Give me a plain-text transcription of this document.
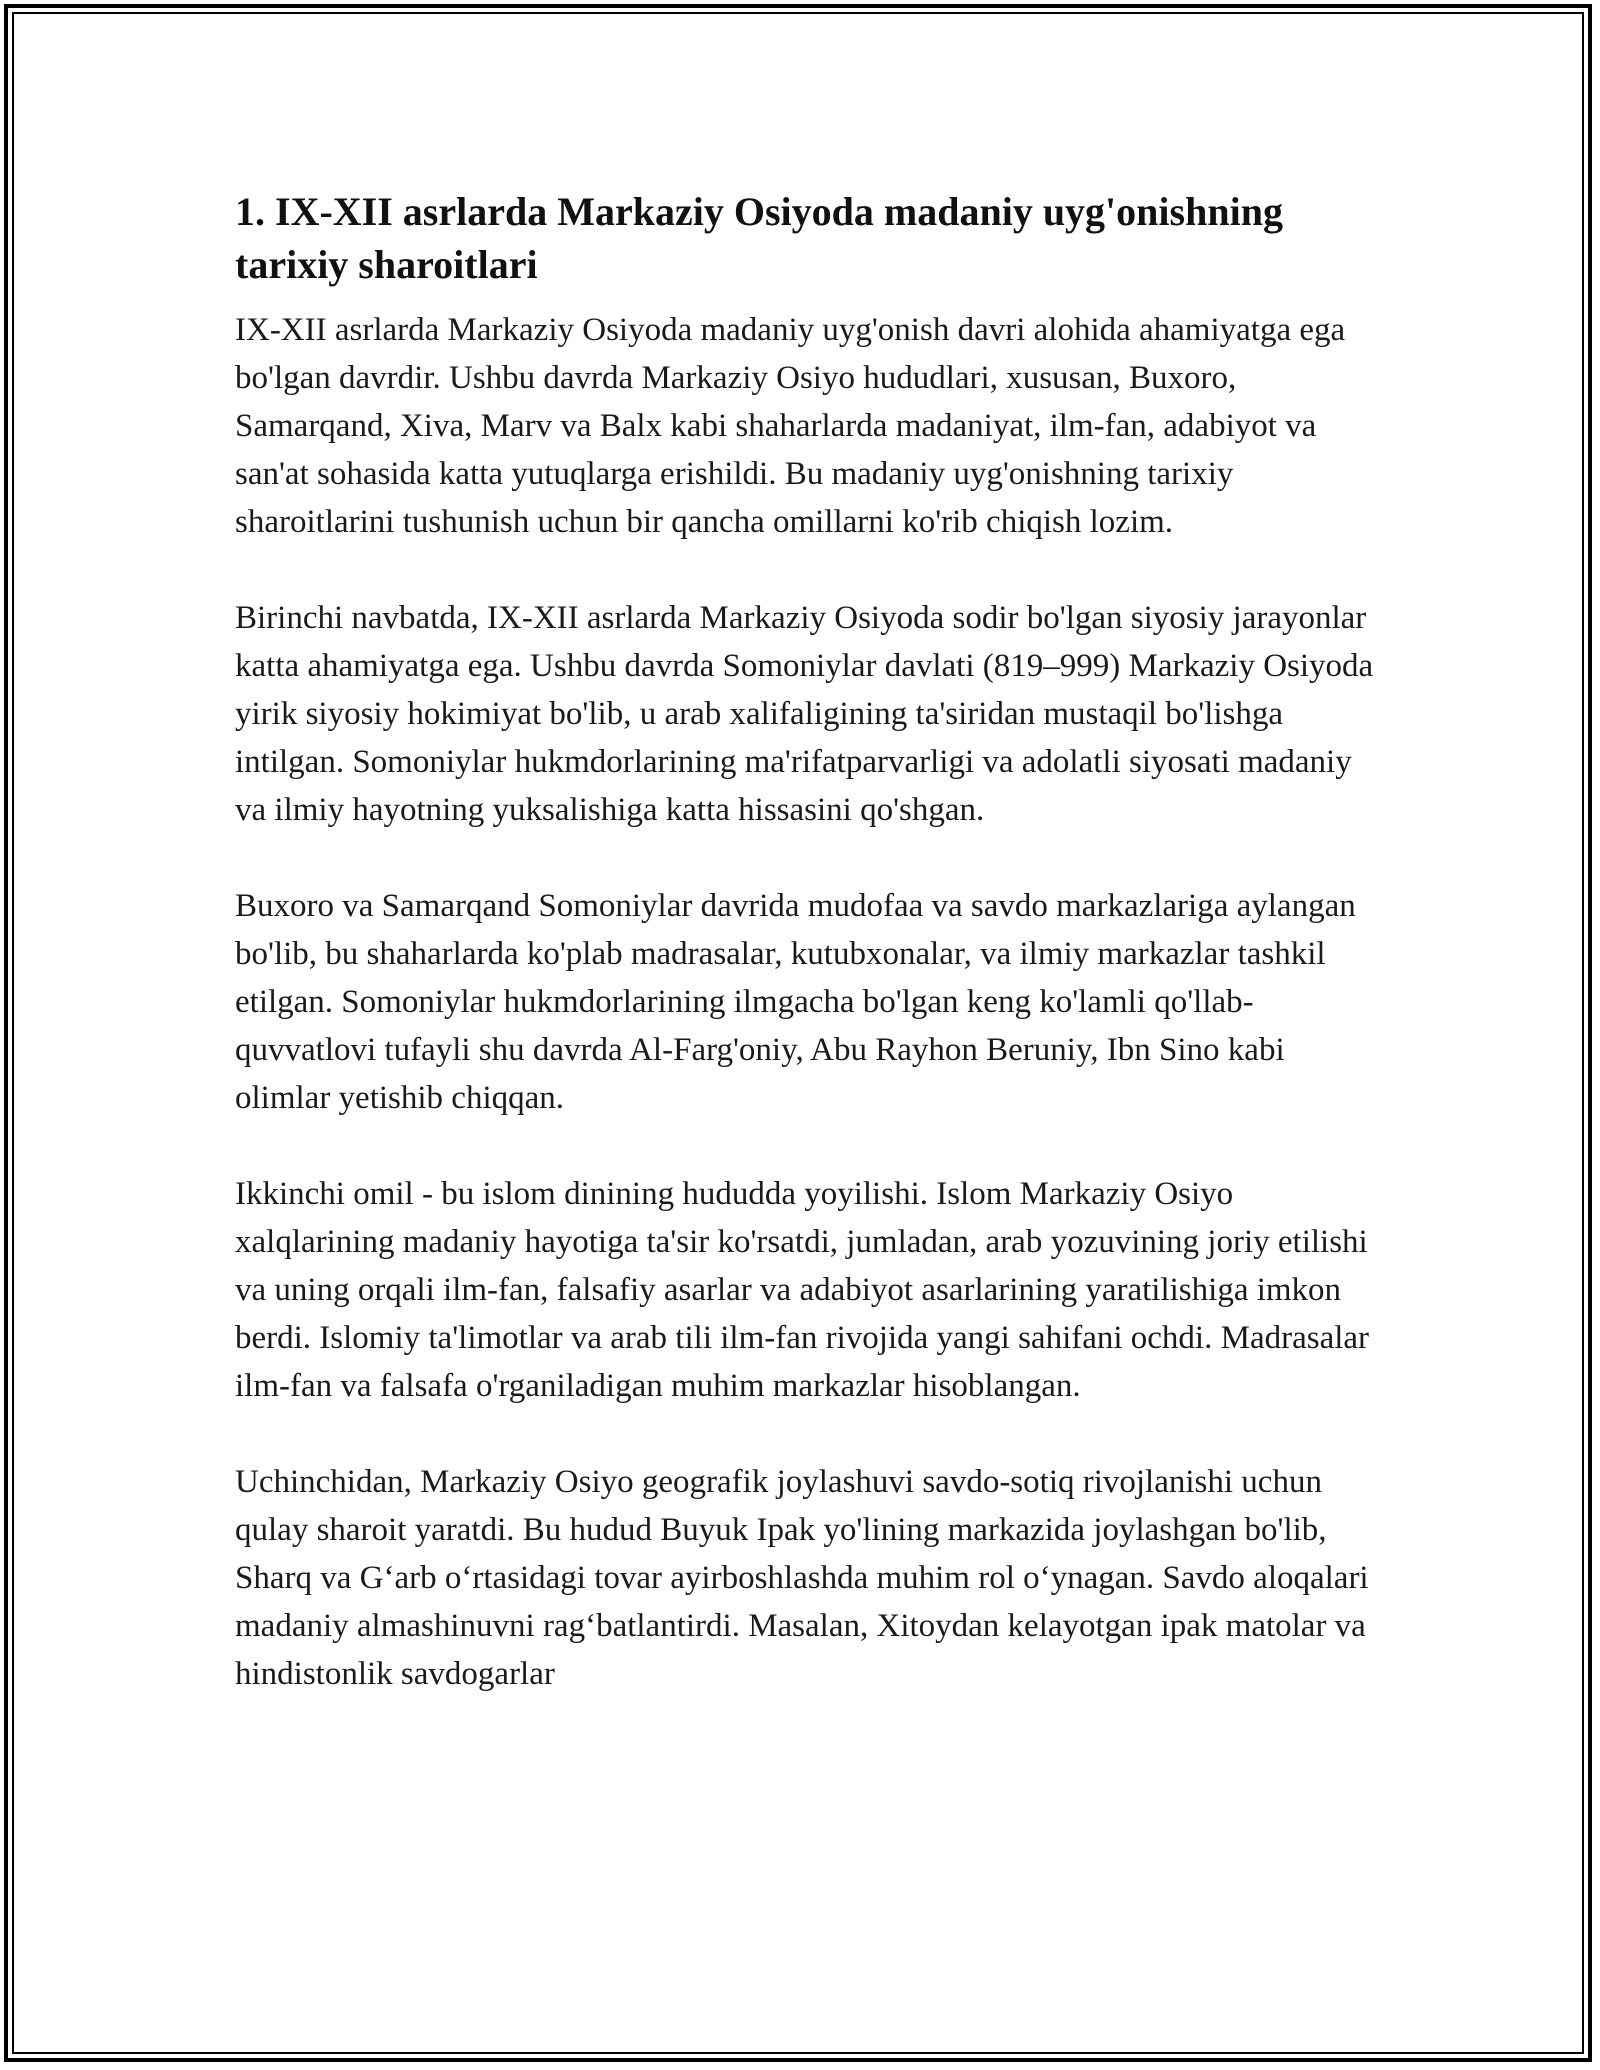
1. IX-XII asrlarda Markaziy Osiyoda madaniy uyg'onishning tarixiy sharoitlari

IX-XII asrlarda Markaziy Osiyoda madaniy uyg'onish davri alohida ahamiyatga ega bo'lgan davrdir. Ushbu davrda Markaziy Osiyo hududlari, xususan, Buxoro, Samarqand, Xiva, Marv va Balx kabi shaharlarda madaniyat, ilm-fan, adabiyot va san'at sohasida katta yutuqlarga erishildi. Bu madaniy uyg'onishning tarixiy sharoitlarini tushunish uchun bir qancha omillarni ko'rib chiqish lozim.

Birinchi navbatda, IX-XII asrlarda Markaziy Osiyoda sodir bo'lgan siyosiy jarayonlar katta ahamiyatga ega. Ushbu davrda Somoniylar davlati (819–999) Markaziy Osiyoda yirik siyosiy hokimiyat bo'lib, u arab xalifaligining ta'siridan mustaqil bo'lishga intilgan. Somoniylar hukmdorlarining ma'rifatparvarligi va adolatli siyosati madaniy va ilmiy hayotning yuksalishiga katta hissasini qo'shgan.

Buxoro va Samarqand Somoniylar davrida mudofaa va savdo markazlariga aylangan bo'lib, bu shaharlarda ko'plab madrasalar, kutubxonalar, va ilmiy markazlar tashkil etilgan. Somoniylar hukmdorlarining ilmgacha bo'lgan keng ko'lamli qo'llab-quvvatlovi tufayli shu davrda Al-Farg'oniy, Abu Rayhon Beruniy, Ibn Sino kabi olimlar yetishib chiqqan.

Ikkinchi omil - bu islom dinining hududda yoyilishi. Islom Markaziy Osiyo xalqlarining madaniy hayotiga ta'sir ko'rsatdi, jumladan, arab yozuvining joriy etilishi va uning orqali ilm-fan, falsafiy asarlar va adabiyot asarlarining yaratilishiga imkon berdi. Islomiy ta'limotlar va arab tili ilm-fan rivojida yangi sahifani ochdi. Madrasalar ilm-fan va falsafa o'rganiladigan muhim markazlar hisoblangan.

Uchinchidan, Markaziy Osiyo geografik joylashuvi savdo-sotiq rivojlanishi uchun qulay sharoit yaratdi. Bu hudud Buyuk Ipak yo'lining markazida joylashgan bo'lib, Sharq va G‘arb o‘rtasidagi tovar ayirboshlashda muhim rol o‘ynagan. Savdo aloqalari madaniy almashinuvni rag‘batlantirdi. Masalan, Xitoydan kelayotgan ipak matolar va hindistonlik savdogarlar
